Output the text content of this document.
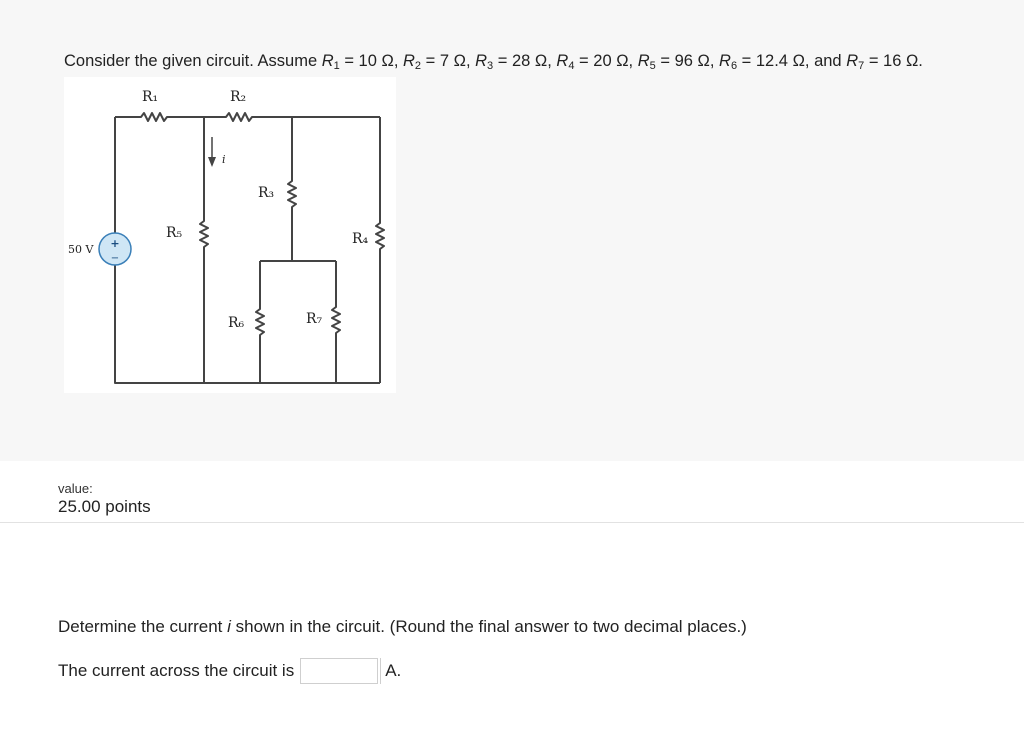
Consider the given circuit. Assume $R_1 = 10$ Ω, $R_2 = 7$ Ω, $R_3 = 28$ Ω, $R_4 = 20$ Ω, $R_5 = 96$ Ω, $R_6 = 12.4$ Ω, and $R_7 = 16$ Ω.
+
−
50 V
R₁	R₂
R₃
R₄
R₅
R₆	R₇
i
value:
25.00 points
Determine the current i shown in the circuit. (Round the final answer to two decimal places.)
The current across the circuit is	A.
